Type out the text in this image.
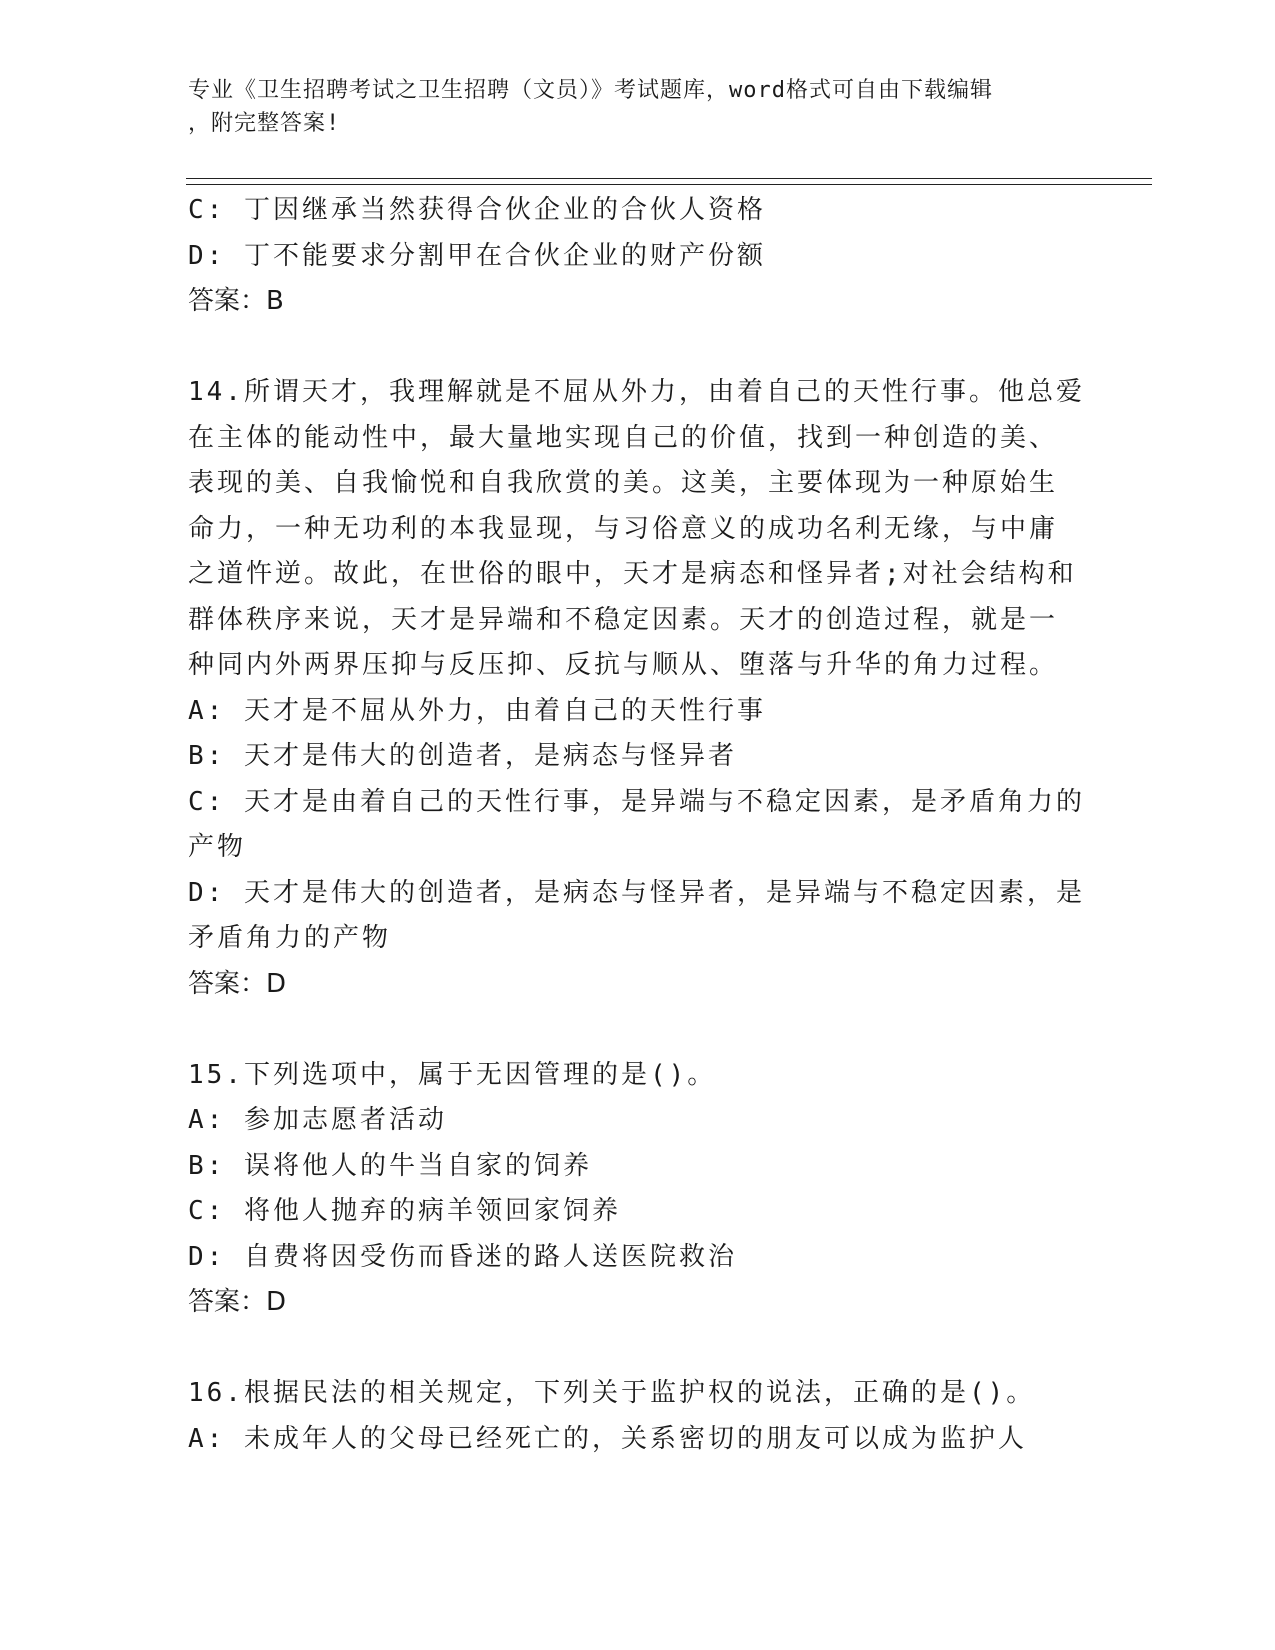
专业《卫生招聘考试之卫生招聘（文员）》考试题库，word格式可自由下载编辑
，附完整答案!
C: 丁因继承当然获得合伙企业的合伙人资格
D: 丁不能要求分割甲在合伙企业的财产份额
答案：B
14.所谓天才，我理解就是不屈从外力，由着自己的天性行事。他总爱
在主体的能动性中，最大量地实现自己的价值，找到一种创造的美、
表现的美、自我愉悦和自我欣赏的美。这美，主要体现为一种原始生
命力，一种无功利的本我显现，与习俗意义的成功名利无缘，与中庸
之道忤逆。故此，在世俗的眼中，天才是病态和怪异者;对社会结构和
群体秩序来说，天才是异端和不稳定因素。天才的创造过程，就是一
种同内外两界压抑与反压抑、反抗与顺从、堕落与升华的角力过程。
A: 天才是不屈从外力，由着自己的天性行事
B: 天才是伟大的创造者，是病态与怪异者
C: 天才是由着自己的天性行事，是异端与不稳定因素，是矛盾角力的
产物
D: 天才是伟大的创造者，是病态与怪异者，是异端与不稳定因素，是
矛盾角力的产物
答案：D
15.下列选项中，属于无因管理的是()。
A: 参加志愿者活动
B: 误将他人的牛当自家的饲养
C: 将他人抛弃的病羊领回家饲养
D: 自费将因受伤而昏迷的路人送医院救治
答案：D
16.根据民法的相关规定，下列关于监护权的说法，正确的是()。
A: 未成年人的父母已经死亡的，关系密切的朋友可以成为监护人
